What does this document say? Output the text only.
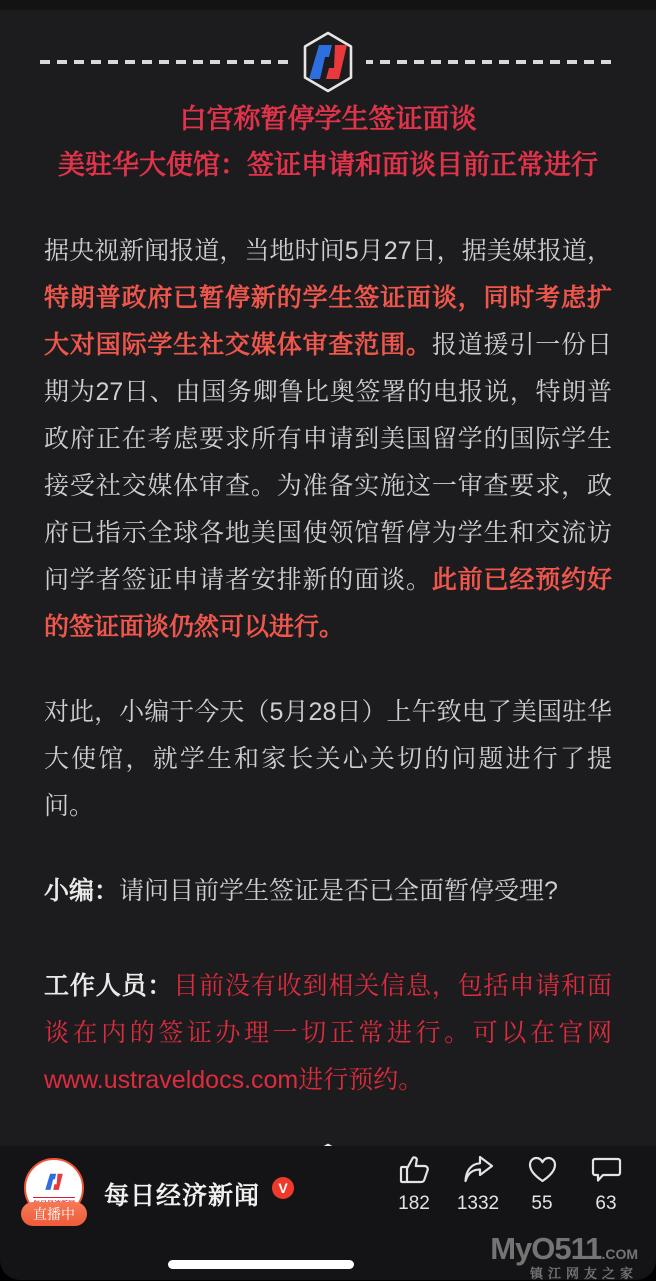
白宫称暂停学生签证面谈
美驻华大使馆：签证申请和面谈目前正常进行

据央视新闻报道，当地时间5月27日，据美媒报道，特朗普政府已暂停新的学生签证面谈，同时考虑扩大对国际学生社交媒体审查范围。报道援引一份日期为27日、由国务卿鲁比奥签署的电报说，特朗普政府正在考虑要求所有申请到美国留学的国际学生接受社交媒体审查。为准备实施这一审查要求，政府已指示全球各地美国使领馆暂停为学生和交流访问学者签证申请者安排新的面谈。此前已经预约好的签证面谈仍然可以进行。

对此，小编于今天（5月28日）上午致电了美国驻华大使馆，就学生和家长关心关切的问题进行了提问。

小编：请问目前学生签证是否已全面暂停受理?

工作人员：目前没有收到相关信息，包括申请和面谈在内的签证办理一切正常进行。可以在官网www.ustraveldocs.com进行预约。

直播中
每日经济新闻	V
182 1332 55 63
MyO511.COM
镇江网友之家
